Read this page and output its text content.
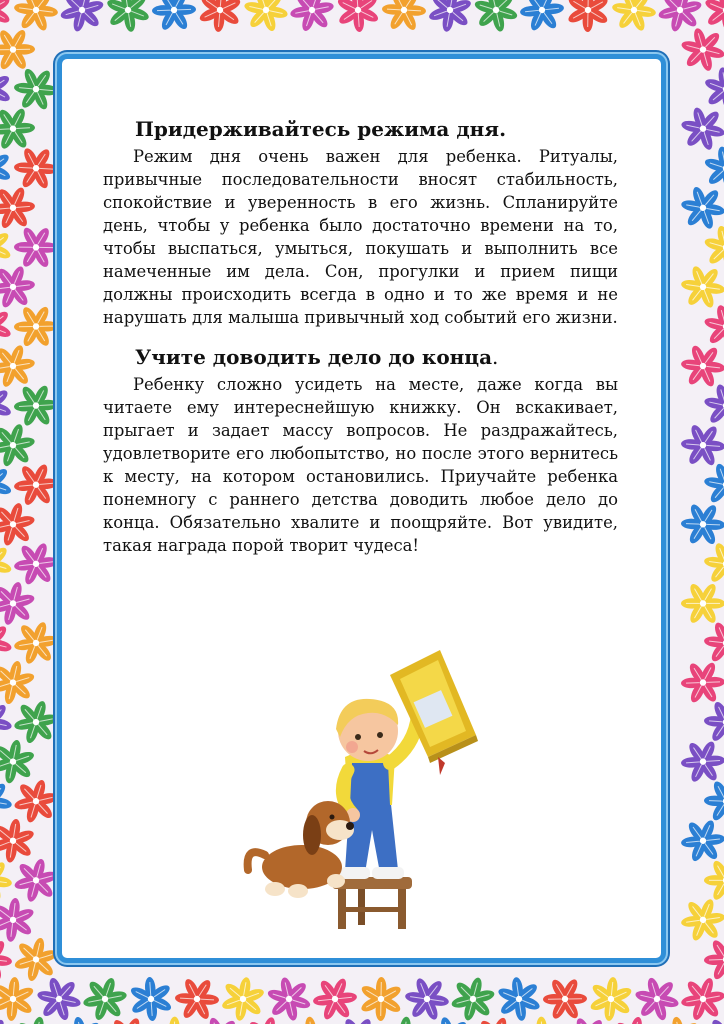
Придерживайтесь режима дня.

Режим дня очень важен для ребенка. Ритуалы, привычные последовательности вносят стабильность, спокойствие и уверенность в его жизнь. Спланируйте день, чтобы у ребенка было достаточно времени на то, чтобы выспаться, умыться, покушать и выполнить все намеченные им дела. Сон, прогулки и прием пищи должны происходить всегда в одно и то же время и не нарушать для малыша привычный ход событий его жизни.

Учите доводить дело до конца.

Ребенку сложно усидеть на месте, даже когда вы читаете ему интереснейшую книжку. Он вскакивает, прыгает и задает массу вопросов. Не раздражайтесь, удовлетворите его любопытство, но после этого вернитесь к месту, на котором остановились. Приучайте ребенка понемногу с раннего детства доводить любое дело до конца. Обязательно хвалите и поощряйте. Вот увидите, такая награда порой творит чудеса!
